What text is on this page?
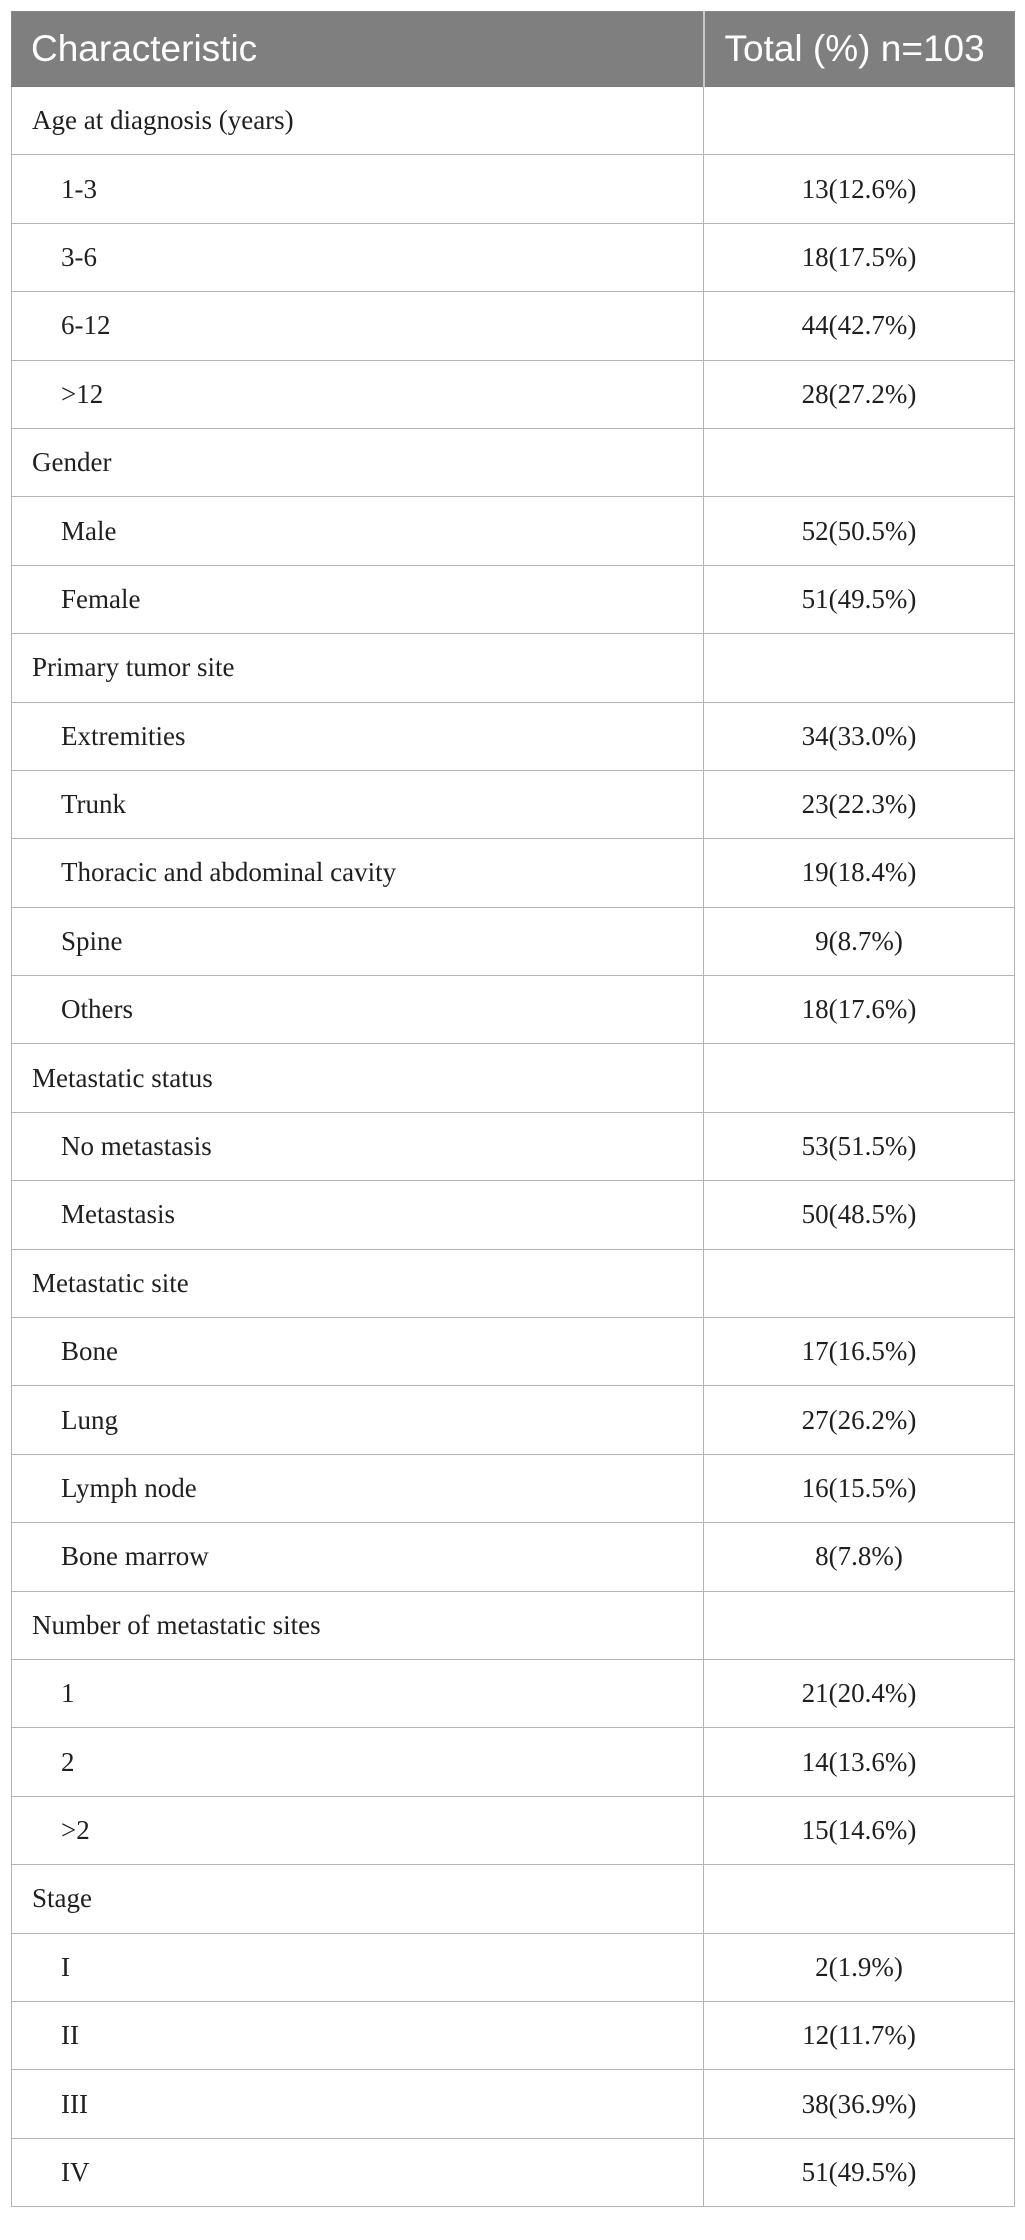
Characteristic	Total (%) n=103
Age at diagnosis (years)	
1-3	13(12.6%)
3-6	18(17.5%)
6-12	44(42.7%)
>12	28(27.2%)
Gender	
Male	52(50.5%)
Female	51(49.5%)
Primary tumor site	
Extremities	34(33.0%)
Trunk	23(22.3%)
Thoracic and abdominal cavity	19(18.4%)
Spine	9(8.7%)
Others	18(17.6%)
Metastatic status	
No metastasis	53(51.5%)
Metastasis	50(48.5%)
Metastatic site	
Bone	17(16.5%)
Lung	27(26.2%)
Lymph node	16(15.5%)
Bone marrow	8(7.8%)
Number of metastatic sites	
1	21(20.4%)
2	14(13.6%)
>2	15(14.6%)
Stage	
I	2(1.9%)
II	12(11.7%)
III	38(36.9%)
IV	51(49.5%)
